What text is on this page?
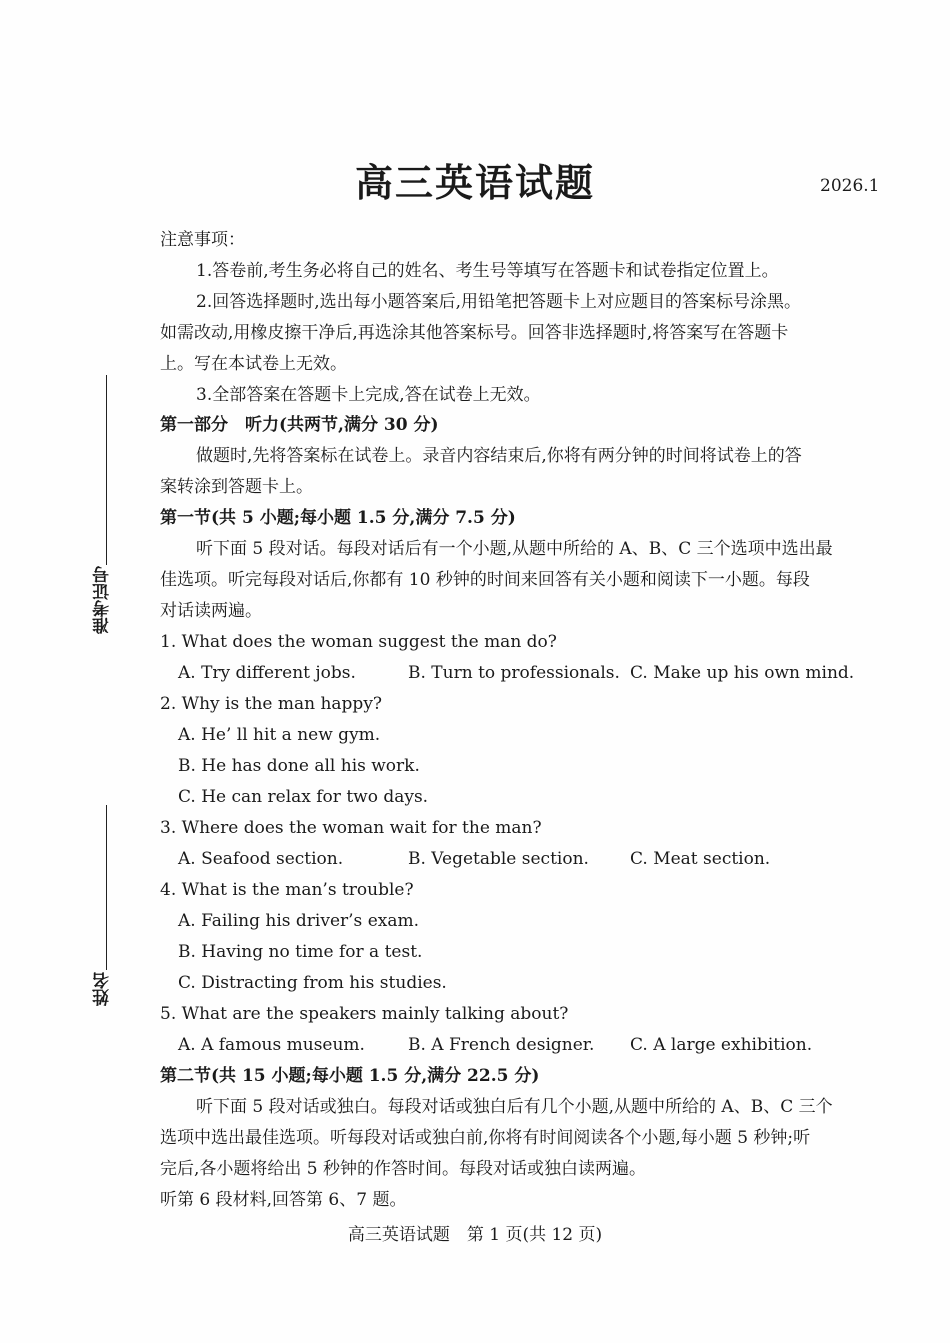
准考证号
姓名
高三英语试题	2026.1
注意事项：
1.答卷前,考生务必将自己的姓名、考生号等填写在答题卡和试卷指定位置上。
2.回答选择题时,选出每小题答案后,用铅笔把答题卡上对应题目的答案标号涂黑。
如需改动,用橡皮擦干净后,再选涂其他答案标号。回答非选择题时,将答案写在答题卡
上。写在本试卷上无效。
3.全部答案在答题卡上完成,答在试卷上无效。
第一部分　听力(共两节,满分 30 分)
做题时,先将答案标在试卷上。录音内容结束后,你将有两分钟的时间将试卷上的答
案转涂到答题卡上。
第一节(共 5 小题;每小题 1.5 分,满分 7.5 分)
听下面 5 段对话。每段对话后有一个小题,从题中所给的 A、B、C 三个选项中选出最
佳选项。听完每段对话后,你都有 10 秒钟的时间来回答有关小题和阅读下一小题。每段
对话读两遍。
1. What does the woman suggest the man do?
A. Try different jobs.	B. Turn to professionals. C. Make up his own mind.
2. Why is the man happy?
A. He’ ll hit a new gym.
B. He has done all his work.
C. He can relax for two days.
3. Where does the woman wait for the man?
A. Seafood section.	B. Vegetable section. C. Meat section.
4. What is the man’s trouble?
A. Failing his driver’s exam.
B. Having no time for a test.
C. Distracting from his studies.
5. What are the speakers mainly talking about?
A. A famous museum.	B. A French designer. C. A large exhibition.
第二节(共 15 小题;每小题 1.5 分,满分 22.5 分)
听下面 5 段对话或独白。每段对话或独白后有几个小题,从题中所给的 A、B、C 三个
选项中选出最佳选项。听每段对话或独白前,你将有时间阅读各个小题,每小题 5 秒钟;听
完后,各小题将给出 5 秒钟的作答时间。每段对话或独白读两遍。
听第 6 段材料,回答第 6、7 题。
高三英语试题　第 1 页(共 12 页)
